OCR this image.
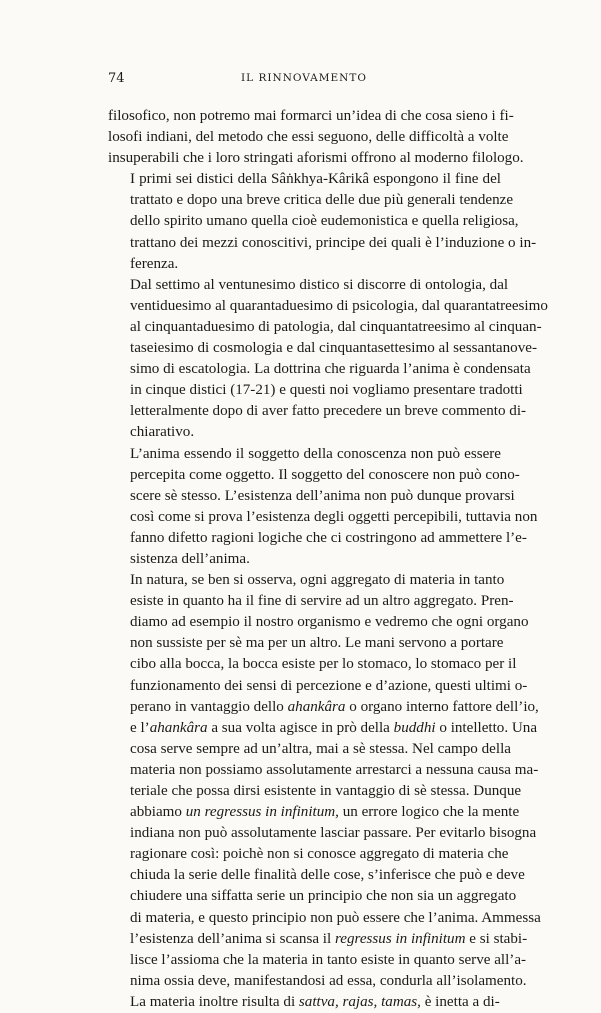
74	IL RINNOVAMENTO

filosofico, non potremo mai formarci un’idea di che cosa sieno i fi-
losofi indiani, del metodo che essi seguono, delle difficoltà a volte
insuperabili che i loro stringati aforismi offrono al moderno filologo.

I primi sei distici della Sâṅkhya-Kârikâ espongono il fine del
trattato e dopo una breve critica delle due più generali tendenze
dello spirito umano quella cioè eudemonistica e quella religiosa,
trattano dei mezzi conoscitivi, principe dei quali è l’induzione o in-
ferenza.

Dal settimo al ventunesimo distico si discorre di ontologia, dal
ventiduesimo al quarantaduesimo di psicologia, dal quarantatreesimo
al cinquantaduesimo di patologia, dal cinquantatreesimo al cinquan-
taseiesimo di cosmologia e dal cinquantasettesimo al sessantanove-
simo di escatologia. La dottrina che riguarda l’anima è condensata
in cinque distici (17-21) e questi noi vogliamo presentare tradotti
letteralmente dopo di aver fatto precedere un breve commento di-
chiarativo.

L’anima essendo il soggetto della conoscenza non può essere
percepita come oggetto. Il soggetto del conoscere non può cono-
scere sè stesso. L’esistenza dell’anima non può dunque provarsi
così come si prova l’esistenza degli oggetti percepibili, tuttavia non
fanno difetto ragioni logiche che ci costringono ad ammettere l’e-
sistenza dell’anima.

In natura, se ben si osserva, ogni aggregato di materia in tanto
esiste in quanto ha il fine di servire ad un altro aggregato. Pren-
diamo ad esempio il nostro organismo e vedremo che ogni organo
non sussiste per sè ma per un altro. Le mani servono a portare
cibo alla bocca, la bocca esiste per lo stomaco, lo stomaco per il
funzionamento dei sensi di percezione e d’azione, questi ultimi o-
perano in vantaggio dello ahankâra o organo interno fattore dell’io,
e l’ahankâra a sua volta agisce in prò della buddhi o intelletto. Una
cosa serve sempre ad un’altra, mai a sè stessa. Nel campo della
materia non possiamo assolutamente arrestarci a nessuna causa ma-
teriale che possa dirsi esistente in vantaggio di sè stessa. Dunque
abbiamo un regressus in infinitum, un errore logico che la mente
indiana non può assolutamente lasciar passare. Per evitarlo bisogna
ragionare così: poichè non si conosce aggregato di materia che
chiuda la serie delle finalità delle cose, s’inferisce che può e deve
chiudere una siffatta serie un principio che non sia un aggregato
di materia, e questo principio non può essere che l’anima. Ammessa
l’esistenza dell’anima si scansa il regressus in infinitum e si stabi-
lisce l’assioma che la materia in tanto esiste in quanto serve all’a-
nima ossia deve, manifestandosi ad essa, condurla all’isolamento.

La materia inoltre risulta di sattva, rajas, tamas, è inetta a di-
